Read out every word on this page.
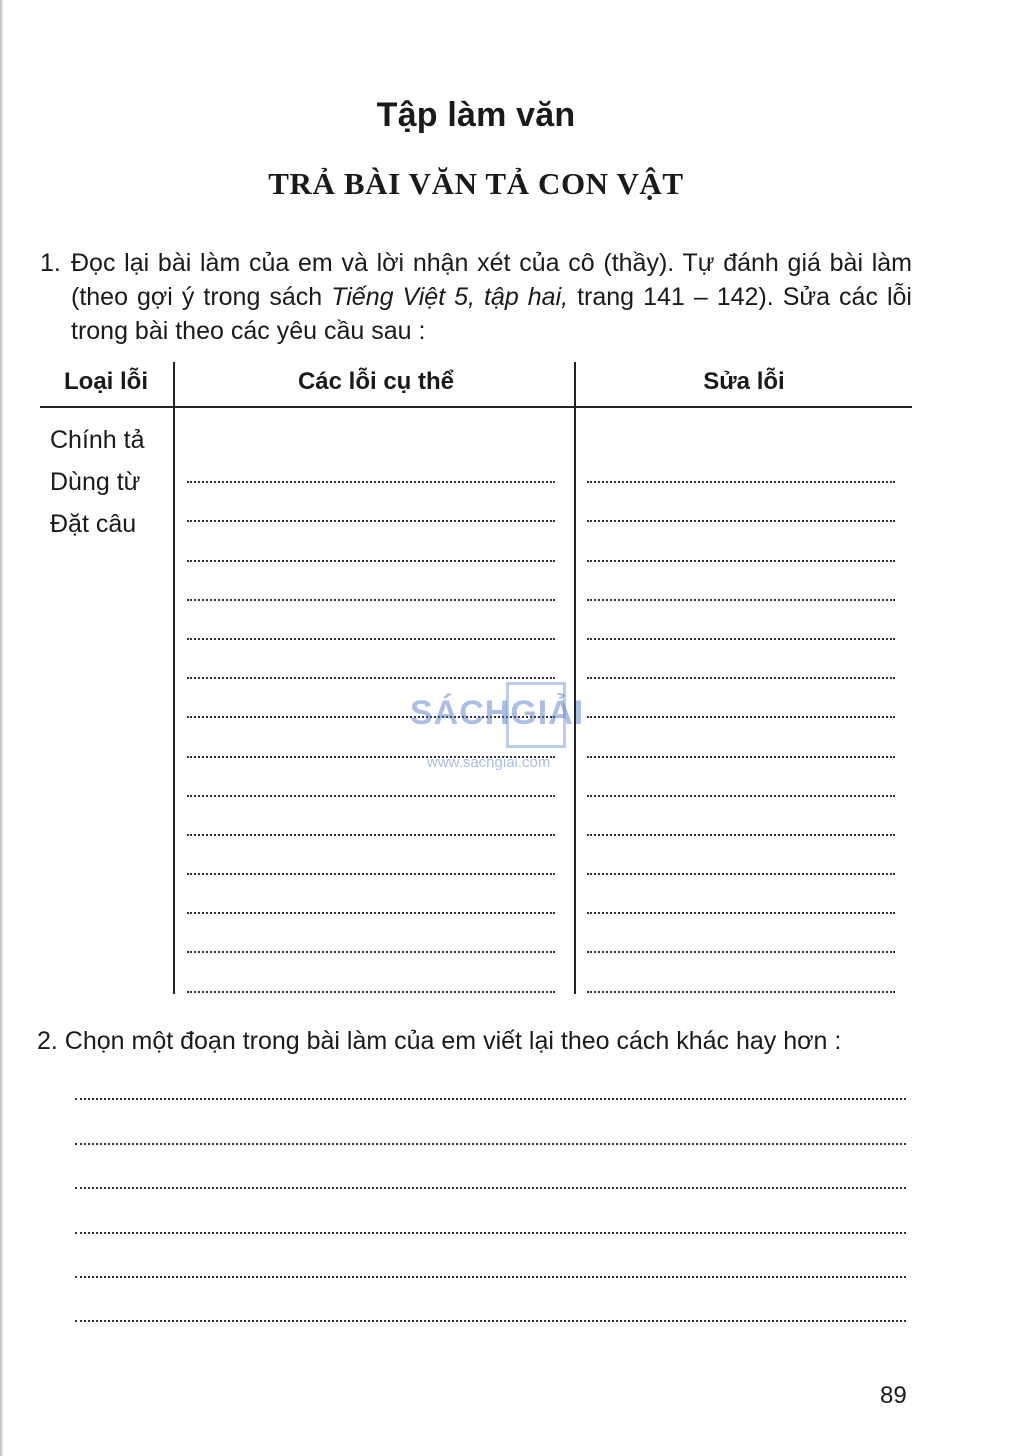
Tập làm văn
TRẢ BÀI VĂN TẢ CON VẬT
1. Đọc lại bài làm của em và lời nhận xét của cô (thầy). Tự đánh giá bài làm (theo gợi ý trong sách Tiếng Việt 5, tập hai, trang 141 – 142). Sửa các lỗi trong bài theo các yêu cầu sau :
Loại lỗi	Các lỗi cụ thể	Sửa lỗi
Chính tả
Dùng từ
Đặt câu
SÁCHGIẢI
www.sachgiai.com
2. Chọn một đoạn trong bài làm của em viết lại theo cách khác hay hơn :
89
